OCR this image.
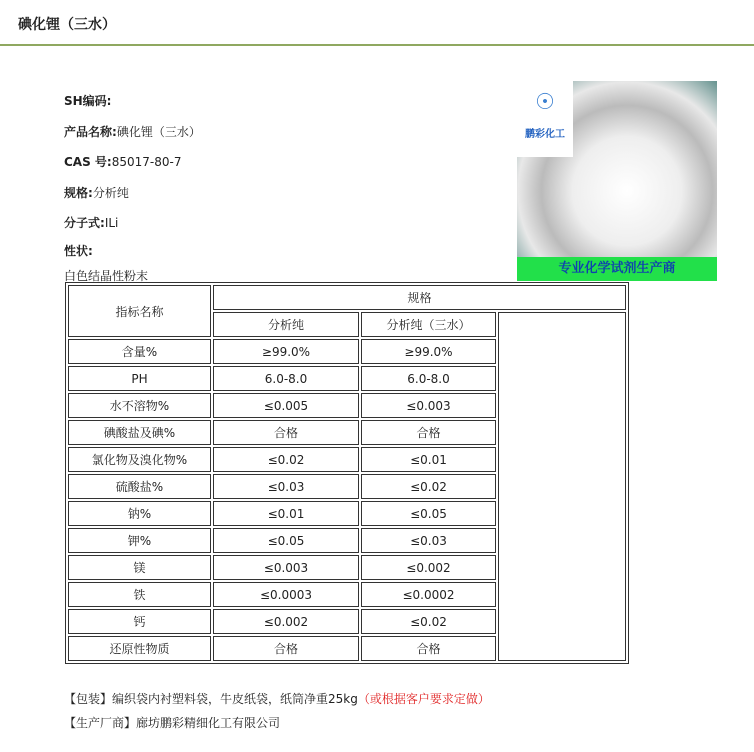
碘化锂（三水）
SH编码:
产品名称:碘化锂（三水）
CAS 号:85017-80-7
规格:分析纯
分子式:ILi
性状:
白色结晶性粉末
☉
鹏彩化工
专业化学试剂生产商
指标名称	规格		
	分析纯	分析纯（三水）	
含量%	≥99.0%	≥99.0%	
PH	6.0-8.0	6.0-8.0	
水不溶物%	≤0.005	≤0.003	
碘酸盐及碘%	合格	合格	
氯化物及溴化物%	≤0.02	≤0.01	
硫酸盐%	≤0.03	≤0.02	
钠%	≤0.01	≤0.05	
钾%	≤0.05	≤0.03	
镁	≤0.003	≤0.002	
铁	≤0.0003	≤0.0002	
钙	≤0.002	≤0.02	
还原性物质	合格	合格	
【包装】编织袋内衬塑料袋，牛皮纸袋，纸筒净重25kg（或根据客户要求定做）
【生产厂商】廊坊鹏彩精细化工有限公司
